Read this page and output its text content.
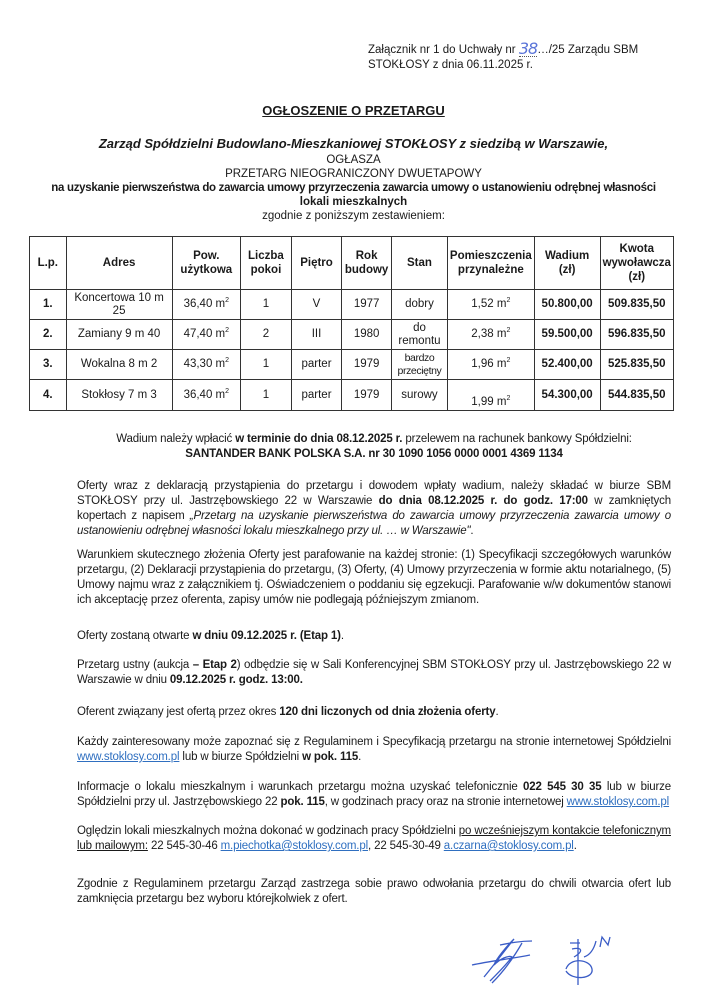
Załącznik nr 1 do Uchwały nr 38…/25 Zarządu SBM
STOKŁOSY z dnia 06.11.2025 r.
OGŁOSZENIE O PRZETARGU
Zarząd Spółdzielni Budowlano-Mieszkaniowej STOKŁOSY z siedzibą w Warszawie,
OGŁASZA
PRZETARG NIEOGRANICZONY DWUETAPOWY
na uzyskanie pierwszeństwa do zawarcia umowy przyrzeczenia zawarcia umowy o ustanowieniu odrębnej własności
lokali mieszkalnych
zgodnie z poniższym zestawieniem:
L.p.	Adres	Pow. użytkowa	Liczba pokoi	Piętro	Rok budowy	Stan	Pomieszczenia przynależne	Wadium (zł)	Kwota wywoławcza (zł)
1.	Koncertowa 10 m 25	36,40 $m^2$	1	V	1977	dobry	1,52 $m^2$	50.800,00	509.835,50
2.	Zamiany 9 m 40	47,40 $m^2$	2	III	1980	do remontu	2,38 $m^2$	59.500,00	596.835,50
3.	Wokalna 8 m 2	43,30 $m^2$	1	parter	1979	bardzo przeciętny	1,96 $m^2$	52.400,00	525.835,50
4.	Stokłosy 7 m 3	36,40 $m^2$	1	parter	1979	surowy	1,99 $m^2$	54.300,00	544.835,50
Wadium należy wpłacić w terminie do dnia 08.12.2025 r. przelewem na rachunek bankowy Spółdzielni:
SANTANDER BANK POLSKA S.A. nr 30 1090 1056 0000 0001 4369 1134
Oferty wraz z deklaracją przystąpienia do przetargu i dowodem wpłaty wadium, należy składać w biurze SBM STOKŁOSY przy ul. Jastrzębowskiego 22 w Warszawie do dnia 08.12.2025 r. do godz. 17:00 w zamkniętych kopertach z napisem „Przetarg na uzyskanie pierwszeństwa do zawarcia umowy przyrzeczenia zawarcia umowy o ustanowieniu odrębnej własności lokalu mieszkalnego przy ul. … w Warszawie".
Warunkiem skutecznego złożenia Oferty jest parafowanie na każdej stronie: (1) Specyfikacji szczegółowych warunków przetargu, (2) Deklaracji przystąpienia do przetargu, (3) Oferty, (4) Umowy przyrzeczenia w formie aktu notarialnego, (5) Umowy najmu wraz z załącznikiem tj. Oświadczeniem o poddaniu się egzekucji. Parafowanie w/w dokumentów stanowi ich akceptację przez oferenta, zapisy umów nie podlegają późniejszym zmianom.
Oferty zostaną otwarte w dniu 09.12.2025 r. (Etap 1).
Przetarg ustny (aukcja – Etap 2) odbędzie się w Sali Konferencyjnej SBM STOKŁOSY przy ul. Jastrzębowskiego 22 w Warszawie w dniu 09.12.2025 r. godz. 13:00.
Oferent związany jest ofertą przez okres 120 dni liczonych od dnia złożenia oferty.
Każdy zainteresowany może zapoznać się z Regulaminem i Specyfikacją przetargu na stronie internetowej Spółdzielni www.stoklosy.com.pl lub w biurze Spółdzielni w pok. 115.
Informacje o lokalu mieszkalnym i warunkach przetargu można uzyskać telefonicznie 022 545 30 35 lub w biurze Spółdzielni przy ul. Jastrzębowskiego 22 pok. 115, w godzinach pracy oraz na stronie internetowej www.stoklosy.com.pl
Oględzin lokali mieszkalnych można dokonać w godzinach pracy Spółdzielni po wcześniejszym kontakcie telefonicznym lub mailowym: 22 545-30-46 m.piechotka@stoklosy.com.pl, 22 545-30-49 a.czarna@stoklosy.com.pl.
Zgodnie z Regulaminem przetargu Zarząd zastrzega sobie prawo odwołania przetargu do chwili otwarcia ofert lub zamknięcia przetargu bez wyboru którejkolwiek z ofert.
